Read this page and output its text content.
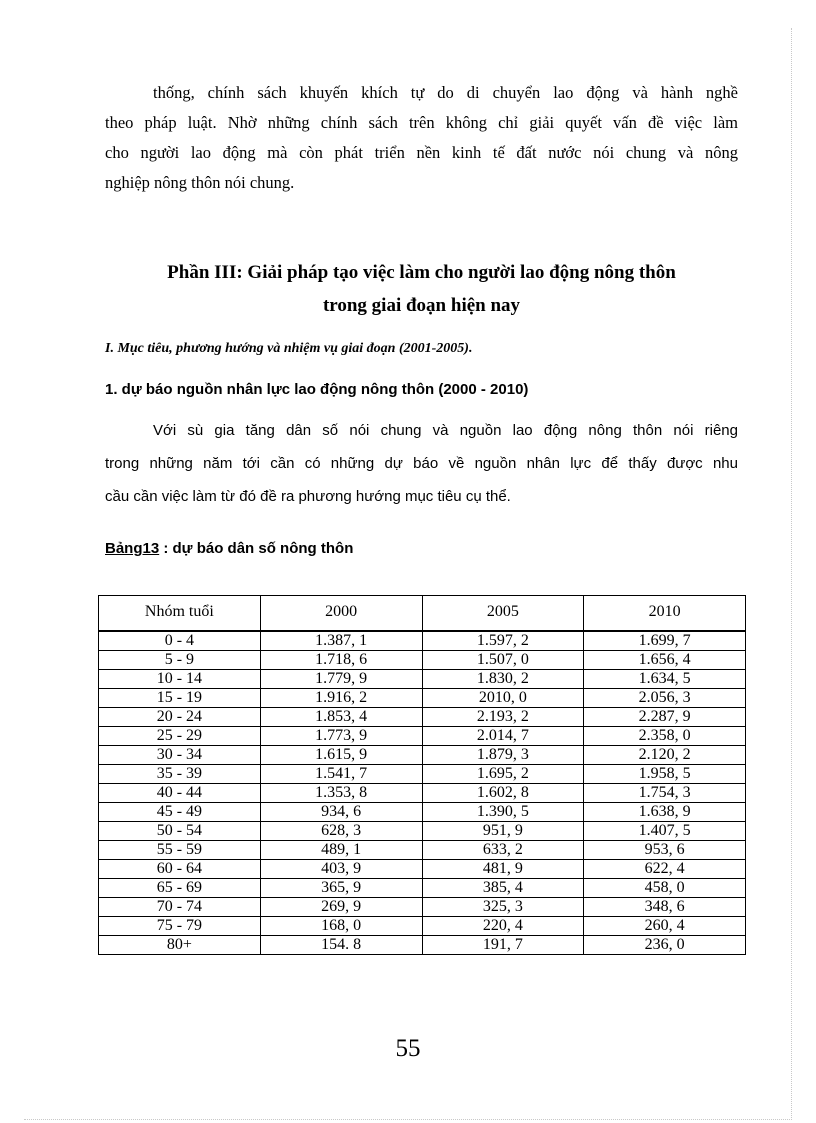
thống, chính sách khuyến khích tự do di chuyển lao động và hành nghề
theo pháp luật. Nhờ những chính sách trên không chỉ giải quyết vấn đề việc làm
cho người lao động mà còn phát triển nền kinh tế đất nước nói chung và nông
nghiệp nông thôn nói chung.

Phần III: Giải pháp tạo việc làm cho người lao động nông thôn
trong giai đoạn hiện nay

I. Mục tiêu, phương hướng và nhiệm vụ giai đoạn (2001-2005).

1. dự báo nguồn nhân lực lao động nông thôn (2000 - 2010)

Với sù gia tăng dân số nói chung và nguồn lao động nông thôn nói riêng
trong những năm tới cần có những dự báo về nguồn nhân lực để thấy được nhu
cầu cần việc làm từ đó đề ra phương hướng mục tiêu cụ thể.

Bảng13 : dự báo dân số nông thôn

Nhóm tuổi	2000	2005	2010
0 - 4	1.387, 1	1.597, 2	1.699, 7
5 - 9	1.718, 6	1.507, 0	1.656, 4
10 - 14	1.779, 9	1.830, 2	1.634, 5
15 - 19	1.916, 2	2010, 0	2.056, 3
20 - 24	1.853, 4	2.193, 2	2.287, 9
25 - 29	1.773, 9	2.014, 7	2.358, 0
30 - 34	1.615, 9	1.879, 3	2.120, 2
35 - 39	1.541, 7	1.695, 2	1.958, 5
40 - 44	1.353, 8	1.602, 8	1.754, 3
45 - 49	934, 6	1.390, 5	1.638, 9
50 - 54	628, 3	951, 9	1.407, 5
55 - 59	489, 1	633, 2	953, 6
60 - 64	403, 9	481, 9	622, 4
65 - 69	365, 9	385, 4	458, 0
70 - 74	269, 9	325, 3	348, 6
75 - 79	168, 0	220, 4	260, 4
80+	154. 8	191, 7	236, 0

55
